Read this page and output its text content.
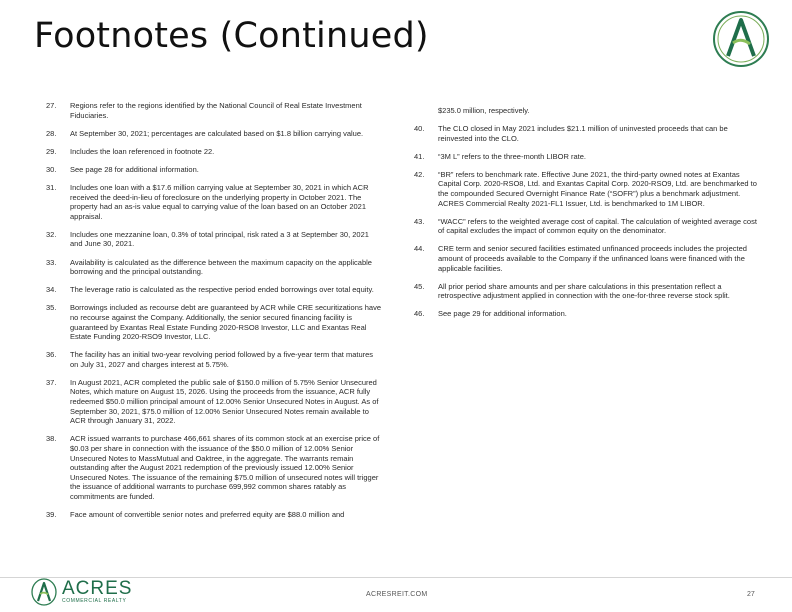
Footnotes (Continued)
27.	Regions refer to the regions identified by the National Council of Real Estate Investment Fiduciaries.
28.	At September 30, 2021; percentages are calculated based on $1.8 billion carrying value.
29.	Includes the loan referenced in footnote 22.
30.	See page 28 for additional information.
31.	Includes one loan with a $17.6 million carrying value at September 30, 2021 in which ACR received the deed-in-lieu of foreclosure on the underlying property in October 2021. The property had an as-is value equal to carrying value of the loan based on an October 2021 appraisal.
32.	Includes one mezzanine loan, 0.3% of total principal, risk rated a 3 at September 30, 2021 and June 30, 2021.
33.	Availability is calculated as the difference between the maximum capacity on the applicable borrowing and the principal outstanding.
34.	The leverage ratio is calculated as the respective period ended borrowings over total equity.
35.	Borrowings included as recourse debt are guaranteed by ACR while CRE securitizations have no recourse against the Company. Additionally, the senior secured financing facility is guaranteed by Exantas Real Estate Funding 2020-RSO8 Investor, LLC and Exantas Real Estate Funding 2020-RSO9 Investor, LLC.
36.	The facility has an initial two-year revolving period followed by a five-year term that matures on July 31, 2027 and charges interest at 5.75%.
37.	In August 2021, ACR completed the public sale of $150.0 million of 5.75% Senior Unsecured Notes, which mature on August 15, 2026. Using the proceeds from the issuance, ACR fully redeemed $50.0 million principal amount of 12.00% Senior Unsecured Notes in August. As of September 30, 2021, $75.0 million of 12.00% Senior Unsecured Notes remain available to ACR through January 31, 2022.
38.	ACR issued warrants to purchase 466,661 shares of its common stock at an exercise price of $0.03 per share in connection with the issuance of the $50.0 million of 12.00% Senior Unsecured Notes to MassMutual and Oaktree, in the aggregate. The warrants remain outstanding after the August 2021 redemption of the previously issued 12.00% Senior Unsecured Notes. The issuance of the remaining $75.0 million of unsecured notes will trigger the issuance of additional warrants to purchase 699,992 common shares ratably as commitments are funded.
39.	Face amount of convertible senior notes and preferred equity are $88.0 million and
$235.0 million, respectively.
40.	The CLO closed in May 2021 includes $21.1 million of uninvested proceeds that can be reinvested into the CLO.
41.	“3M L” refers to the three-month LIBOR rate.
42.	“BR” refers to benchmark rate. Effective June 2021, the third-party owned notes at Exantas Capital Corp. 2020-RSO8, Ltd. and Exantas Capital Corp. 2020-RSO9, Ltd. are benchmarked to the compounded Secured Overnight Finance Rate (“SOFR”) plus a benchmark adjustment. ACRES Commercial Realty 2021-FL1 Issuer, Ltd. is benchmarked to 1M LIBOR.
43.	“WACC” refers to the weighted average cost of capital. The calculation of weighted average cost of capital excludes the impact of common equity on the denominator.
44.	CRE term and senior secured facilities estimated unfinanced proceeds includes the projected amount of proceeds available to the Company if the unfinanced loans were financed with the applicable facilities.
45.	All prior period share amounts and per share calculations in this presentation reflect a retrospective adjustment applied in connection with the one-for-three reverse stock split.
46.	See page 29 for additional information.
ACRES
COMMERCIAL REALTY
ACRESREIT.COM	27
